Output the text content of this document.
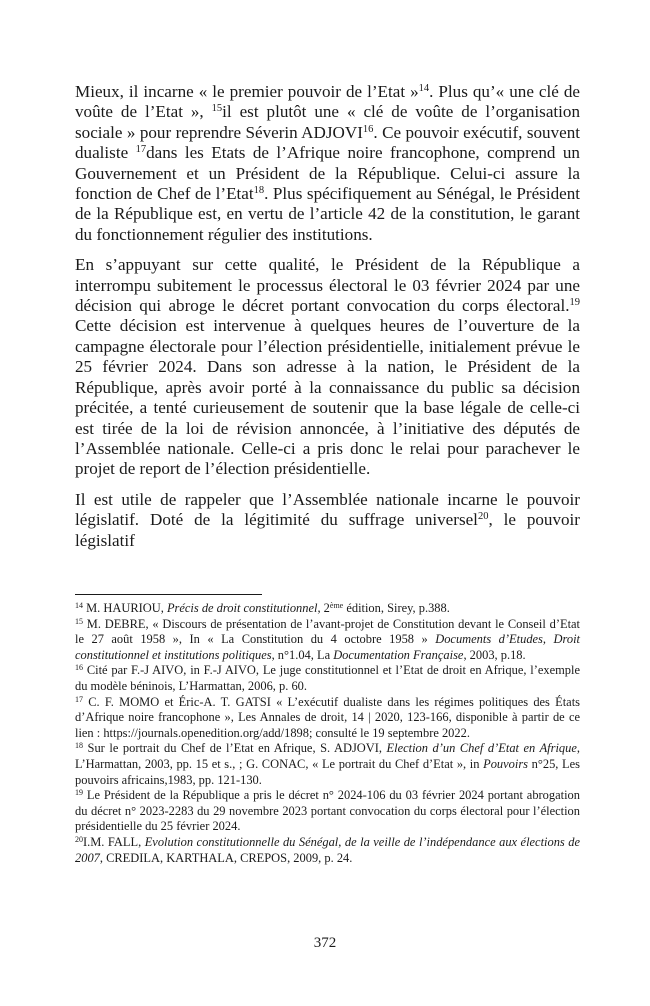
Mieux, il incarne « le premier pouvoir de l’Etat »$^{14}$. Plus qu’« une clé de voûte de l’Etat », $^{15}$il est plutôt une « clé de voûte de l’organisation sociale » pour reprendre Séverin ADJOVI$^{16}$. Ce pouvoir exécutif, souvent dualiste $^{17}$dans les Etats de l’Afrique noire francophone, comprend un Gouvernement et un Président de la République. Celui-ci assure la fonction de Chef de l’Etat$^{18}$. Plus spécifiquement au Sénégal, le Président de la République est, en vertu de l’article 42 de la constitution, le garant du fonctionnement régulier des institutions.

En s’appuyant sur cette qualité, le Président de la République a interrompu subitement le processus électoral le 03 février 2024 par une décision qui abroge le décret portant convocation du corps électoral.$^{19}$ Cette décision est intervenue à quelques heures de l’ouverture de la campagne électorale pour l’élection présidentielle, initialement prévue le 25 février 2024. Dans son adresse à la nation, le Président de la République, après avoir porté à la connaissance du public sa décision précitée, a tenté curieusement de soutenir que la base légale de celle-ci est tirée de la loi de révision annoncée, à l’initiative des députés de l’Assemblée nationale. Celle-ci a pris donc le relai pour parachever le projet de report de l’élection présidentielle.

Il est utile de rappeler que l’Assemblée nationale incarne le pouvoir législatif. Doté de la légitimité du suffrage universel$^{20}$, le pouvoir législatif

$^{14}$ M. HAURIOU, Précis de droit constitutionnel, 2ème édition, Sirey, p.388.

$^{15}$ M. DEBRE, « Discours de présentation de l’avant-projet de Constitution devant le Conseil d’Etat le 27 août 1958 », In « La Constitution du 4 octobre 1958 » Documents d’Etudes, Droit constitutionnel et institutions politiques, n°1.04, La Documentation Française, 2003, p.18.

$^{16}$ Cité par F.-J AIVO, in F.-J AIVO, Le juge constitutionnel et l’Etat de droit en Afrique, l’exemple du modèle béninois, L’Harmattan, 2006, p. 60.

$^{17}$ C. F. MOMO et Éric-A. T. GATSI « L’exécutif dualiste dans les régimes politiques des États d’Afrique noire francophone », Les Annales de droit, 14 | 2020, 123-166, disponible à partir de ce lien : https://journals.openedition.org/add/1898; consulté le 19 septembre 2022.

$^{18}$ Sur le portrait du Chef de l’Etat en Afrique, S. ADJOVI, Election d’un Chef d’Etat en Afrique, L’Harmattan, 2003, pp. 15 et s., ; G. CONAC, « Le portrait du Chef d’Etat », in Pouvoirs n°25, Les pouvoirs africains,1983, pp. 121-130.

$^{19}$ Le Président de la République a pris le décret n° 2024-106 du 03 février 2024 portant abrogation du décret n° 2023-2283 du 29 novembre 2023 portant convocation du corps électoral pour l’élection présidentielle du 25 février 2024.

$^{20}$I.M. FALL, Evolution constitutionnelle du Sénégal, de la veille de l’indépendance aux élections de 2007, CREDILA, KARTHALA, CREPOS, 2009, p. 24.

372
